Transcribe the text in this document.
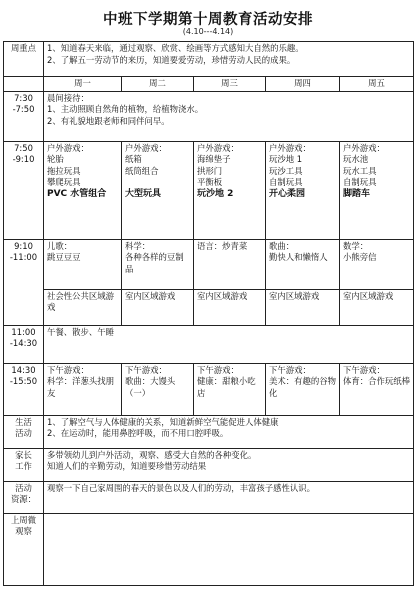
中班下学期第十周教育活动安排
(4.10---4.14)
周重点	1、知道春天来临，通过观察、欣赏、绘画等方式感知大自然的乐趣。
2、了解五一劳动节的来历，知道要爱劳动，珍惜劳动人民的成果。				

	周一	周二	周三	周四	周五

7:30
-7:50	晨间接待：
1、主动照顾自然角的植物，给植物浇水。
2、有礼貌地跟老师和同伴问早。				

7:50
-9:10	户外游戏：
轮胎
拖拉玩具
攀爬玩具
PVC 水管组合	户外游戏：
纸箱
纸筒组合

大型玩具	户外游戏：
海绵垫子
拱形门
平衡板
玩沙地 2	户外游戏：
玩沙地 1
玩沙工具
自制玩具
开心柔园	户外游戏：
玩水池
玩水工具
自制玩具
脚踏车

9:10
-11:00	儿歌：
跳豆豆豆	科学：
各种各样的豆制品	语言：炒青菜	歌曲：
勤快人和懒惰人	数学：
小熊旁信

	社会性公共区域游戏	室内区域游戏	室内区域游戏	室内区域游戏	室内区域游戏

11:00
-14:30	午餐、散步、午睡				

14:30
-15:50	下午游戏：
科学：洋葱头找朋友	下午游戏：
歌曲：大馒头（一）	下午游戏：
健康：甜粮小吃店	下午游戏：
美术：有趣的谷物化	下午游戏：
体育：合作玩纸棒

生活
活动	1、了解空气与人体健康的关系，知道新鲜空气能促进人体健康
2、在运动时，能用鼻腔呼吸，而不用口腔呼吸。				

家长
工作	多带领幼儿到户外活动，观察、感受大自然的各种变化。
知道人们的辛勤劳动，知道要珍惜劳动结果				

活动
资源：	观察一下自己家周围的春天的景色以及人们的劳动，丰富孩子感性认识。				

上周微
观察					
